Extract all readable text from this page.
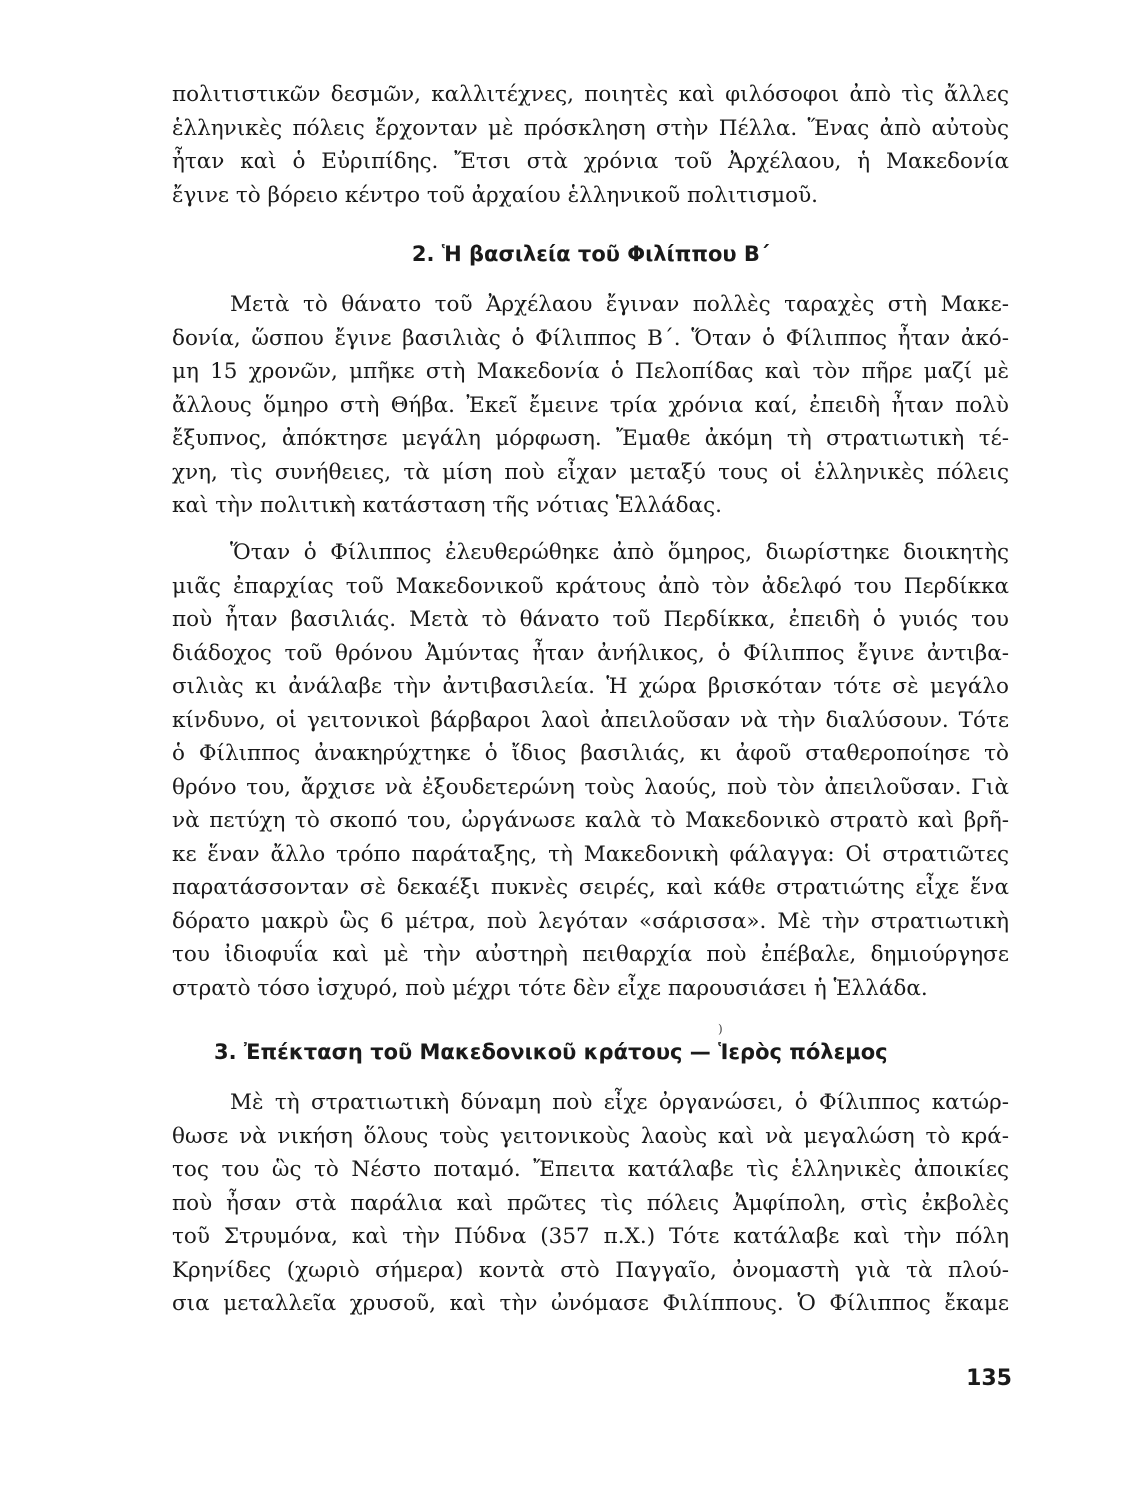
πολιτιστικῶν δεσμῶν, καλλιτέχνες, ποιητὲς καὶ φιλόσοφοι ἀπὸ τὶς ἄλλες
ἑλληνικὲς πόλεις ἔρχονταν μὲ πρόσκληση στὴν Πέλλα. Ἕνας ἀπὸ αὐτοὺς
ἦταν καὶ ὁ Εὐριπίδης. Ἔτσι στὰ χρόνια τοῦ Ἀρχέλαου, ἡ Μακεδονία
ἔγινε τὸ βόρειο κέντρο τοῦ ἀρχαίου ἑλληνικοῦ πολιτισμοῦ.
2. Ἡ βασιλεία τοῦ Φιλίππου Β΄
Μετὰ τὸ θάνατο τοῦ Ἀρχέλαου ἔγιναν πολλὲς ταραχὲς στὴ Μακε-
δονία, ὥσπου ἔγινε βασιλιὰς ὁ Φίλιππος Β΄. Ὅταν ὁ Φίλιππος ἦταν ἀκό-
μη 15 χρονῶν, μπῆκε στὴ Μακεδονία ὁ Πελοπίδας καὶ τὸν πῆρε μαζί μὲ
ἄλλους ὅμηρο στὴ Θήβα. Ἐκεῖ ἔμεινε τρία χρόνια καί, ἐπειδὴ ἦταν πολὺ
ἔξυπνος, ἀπόκτησε μεγάλη μόρφωση. Ἔμαθε ἀκόμη τὴ στρατιωτικὴ τέ-
χνη, τὶς συνήθειες, τὰ μίση ποὺ εἶχαν μεταξύ τους οἱ ἑλληνικὲς πόλεις
καὶ τὴν πολιτικὴ κατάσταση τῆς νότιας Ἑλλάδας.
Ὅταν ὁ Φίλιππος ἐλευθερώθηκε ἀπὸ ὅμηρος, διωρίστηκε διοικητὴς
μιᾶς ἐπαρχίας τοῦ Μακεδονικοῦ κράτους ἀπὸ τὸν ἀδελφό του Περδίκκα
ποὺ ἦταν βασιλιάς. Μετὰ τὸ θάνατο τοῦ Περδίκκα, ἐπειδὴ ὁ γυιός του
διάδοχος τοῦ θρόνου Ἀμύντας ἦταν ἀνήλικος, ὁ Φίλιππος ἔγινε ἀντιβα-
σιλιὰς κι ἀνάλαβε τὴν ἀντιβασιλεία. Ἡ χώρα βρισκόταν τότε σὲ μεγάλο
κίνδυνο, οἱ γειτονικοὶ βάρβαροι λαοὶ ἀπειλοῦσαν νὰ τὴν διαλύσουν. Τότε
ὁ Φίλιππος ἀνακηρύχτηκε ὁ ἴδιος βασιλιάς, κι ἀφοῦ σταθεροποίησε τὸ
θρόνο του, ἄρχισε νὰ ἐξουδετερώνη τοὺς λαούς, ποὺ τὸν ἀπειλοῦσαν. Γιὰ
νὰ πετύχη τὸ σκοπό του, ὠργάνωσε καλὰ τὸ Μακεδονικὸ στρατὸ καὶ βρῆ-
κε ἕναν ἄλλο τρόπο παράταξης, τὴ Μακεδονικὴ φάλαγγα: Οἱ στρατιῶτες
παρατάσσονταν σὲ δεκαέξι πυκνὲς σειρές, καὶ κάθε στρατιώτης εἶχε ἕνα
δόρατο μακρὺ ὣς 6 μέτρα, ποὺ λεγόταν «σάρισσα». Μὲ τὴν στρατιωτικὴ
του ἰδιοφυΐα καὶ μὲ τὴν αὐστηρὴ πειθαρχία ποὺ ἐπέβαλε, δημιούργησε
στρατὸ τόσο ἰσχυρό, ποὺ μέχρι τότε δὲν εἶχε παρουσιάσει ἡ Ἑλλάδα.
)
3. Ἐπέκταση τοῦ Μακεδονικοῦ κράτους — Ἱερὸς πόλεμος
Μὲ τὴ στρατιωτικὴ δύναμη ποὺ εἶχε ὀργανώσει, ὁ Φίλιππος κατώρ-
θωσε νὰ νικήση ὅλους τοὺς γειτονικοὺς λαοὺς καὶ νὰ μεγαλώση τὸ κρά-
τος του ὣς τὸ Νέστο ποταμό. Ἔπειτα κατάλαβε τὶς ἑλληνικὲς ἀποικίες
ποὺ ἦσαν στὰ παράλια καὶ πρῶτες τὶς πόλεις Ἀμφίπολη, στὶς ἐκβολὲς
τοῦ Στρυμόνα, καὶ τὴν Πύδνα (357 π.Χ.) Τότε κατάλαβε καὶ τὴν πόλη
Κρηνίδες (χωριὸ σήμερα) κοντὰ στὸ Παγγαῖο, ὀνομαστὴ γιὰ τὰ πλού-
σια μεταλλεῖα χρυσοῦ, καὶ τὴν ὠνόμασε Φιλίππους. Ὁ Φίλιππος ἔκαμε
135
